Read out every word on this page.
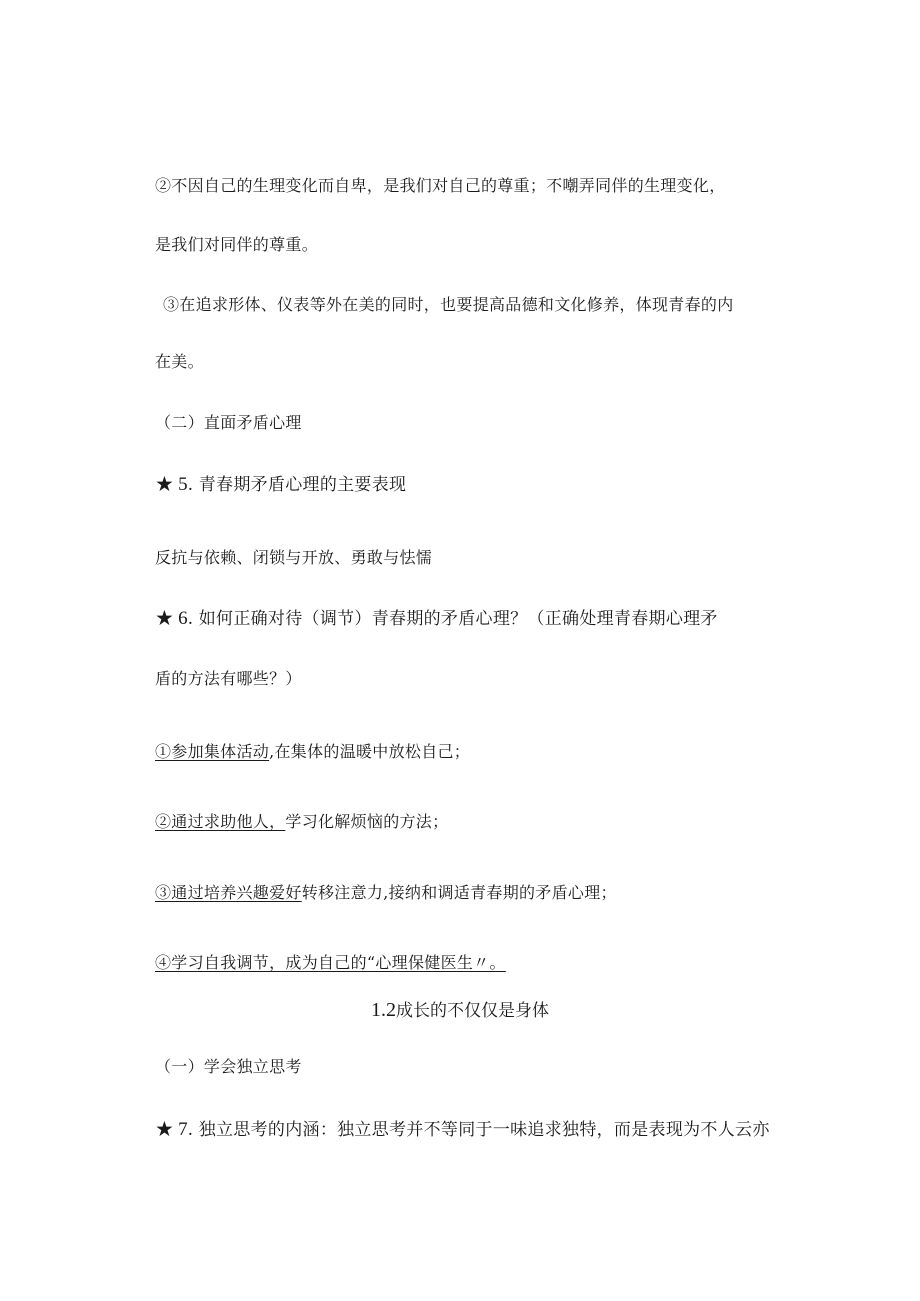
②不因自己的生理变化而自卑，是我们对自己的尊重；不嘲弄同伴的生理变化，
是我们对同伴的尊重。
③在追求形体、仪表等外在美的同时，也要提高品德和文化修养，体现青春的内
在美。
（二）直面矛盾心理
★ 5. 青春期矛盾心理的主要表现
反抗与依赖、闭锁与开放、勇敢与怯懦
★ 6. 如何正确对待（调节）青春期的矛盾心理？（正确处理青春期心理矛
盾的方法有哪些？）
①参加集体活动,在集体的温暖中放松自己；
②通过求助他人，学习化解烦恼的方法；
③通过培养兴趣爱好转移注意力,接纳和调适青春期的矛盾心理；
④学习自我调节，成为自己的“心理保健医生〃。
1.2成长的不仅仅是身体
（一）学会独立思考
★ 7. 独立思考的内涵：独立思考并不等同于一味追求独特，而是表现为不人云亦
